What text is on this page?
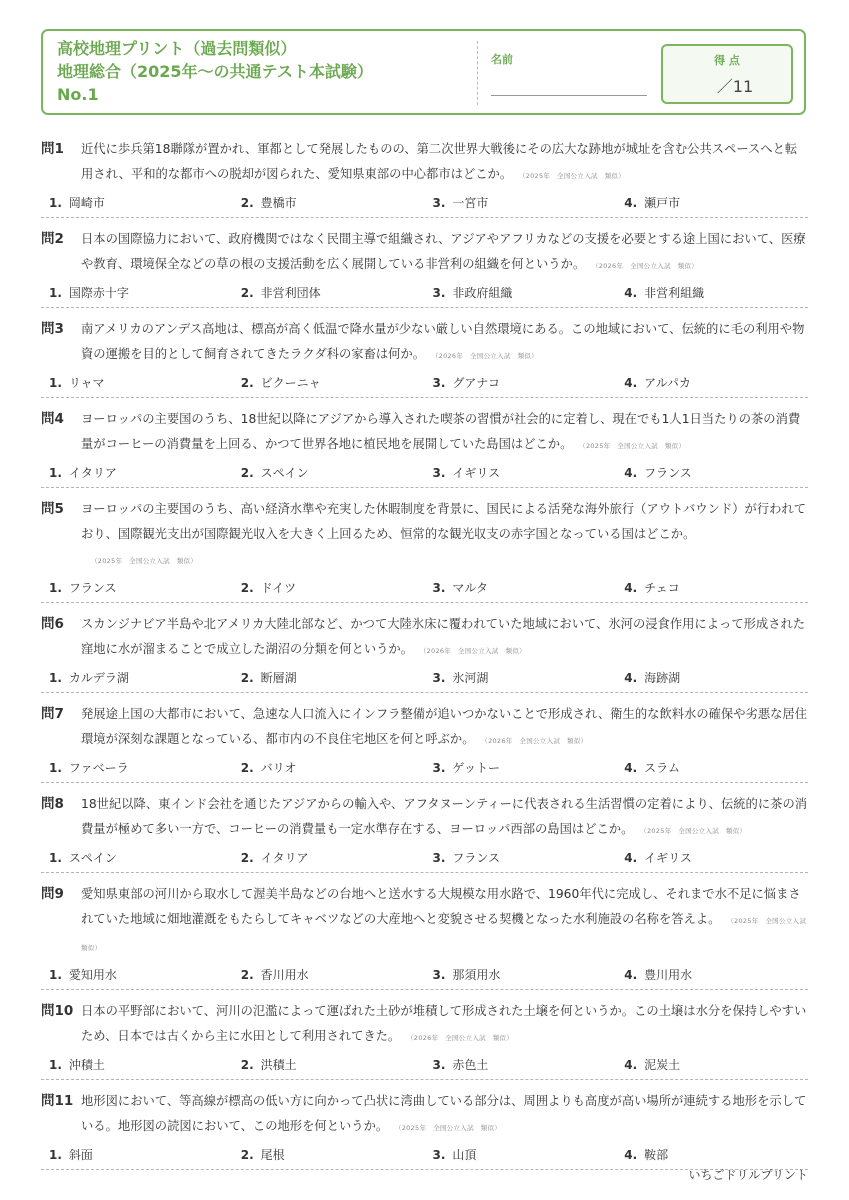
高校地理プリント（過去問類似）
地理総合（2025年〜の共通テスト本試験）
No.1
名前	得 点
／11
問1	近代に歩兵第18聯隊が置かれ、軍都として発展したものの、第二次世界大戦後にその広大な跡地が城址を含む公共スペースへと転用され、平和的な都市への脱却が図られた、愛知県東部の中心都市はどこか。 （2025年　全国公立入試　類似）
1. 岡崎市	2. 豊橋市	3. 一宮市	4. 瀬戸市
問2	日本の国際協力において、政府機関ではなく民間主導で組織され、アジアやアフリカなどの支援を必要とする途上国において、医療や教育、環境保全などの草の根の支援活動を広く展開している非営利の組織を何というか。 （2026年　全国公立入試　類似）
1. 国際赤十字	2. 非営利団体	3. 非政府組織	4. 非営利組織
問3	南アメリカのアンデス高地は、標高が高く低温で降水量が少ない厳しい自然環境にある。この地域において、伝統的に毛の利用や物資の運搬を目的として飼育されてきたラクダ科の家畜は何か。 （2026年　全国公立入試　類似）
1. リャマ	2. ビクーニャ	3. グアナコ	4. アルパカ
問4	ヨーロッパの主要国のうち、18世紀以降にアジアから導入された喫茶の習慣が社会的に定着し、現在でも1人1日当たりの茶の消費量がコーヒーの消費量を上回る、かつて世界各地に植民地を展開していた島国はどこか。 （2025年　全国公立入試　類似）
1. イタリア	2. スペイン	3. イギリス	4. フランス
問5	ヨーロッパの主要国のうち、高い経済水準や充実した休暇制度を背景に、国民による活発な海外旅行（アウトバウンド）が行われており、国際観光支出が国際観光収入を大きく上回るため、恒常的な観光収支の赤字国となっている国はどこか。（2025年　全国公立入試　類似）
1. フランス	2. ドイツ	3. マルタ	4. チェコ
問6	スカンジナビア半島や北アメリカ大陸北部など、かつて大陸氷床に覆われていた地域において、氷河の浸食作用によって形成された窪地に水が溜まることで成立した湖沼の分類を何というか。 （2026年　全国公立入試　類似）
1. カルデラ湖	2. 断層湖	3. 氷河湖	4. 海跡湖
問7	発展途上国の大都市において、急速な人口流入にインフラ整備が追いつかないことで形成され、衛生的な飲料水の確保や劣悪な居住環境が深刻な課題となっている、都市内の不良住宅地区を何と呼ぶか。 （2026年　全国公立入試　類似）
1. ファベーラ	2. バリオ	3. ゲットー	4. スラム
問8	18世紀以降、東インド会社を通じたアジアからの輸入や、アフタヌーンティーに代表される生活習慣の定着により、伝統的に茶の消費量が極めて多い一方で、コーヒーの消費量も一定水準存在する、ヨーロッパ西部の島国はどこか。 （2025年　全国公立入試　類似）
1. スペイン	2. イタリア	3. フランス	4. イギリス
問9	愛知県東部の河川から取水して渥美半島などの台地へと送水する大規模な用水路で、1960年代に完成し、それまで水不足に悩まされていた地域に畑地灌漑をもたらしてキャベツなどの大産地へと変貌させる契機となった水利施設の名称を答えよ。 （2025年　全国公立入試　類似）
1. 愛知用水	2. 香川用水	3. 那須用水	4. 豊川用水
問10 日本の平野部において、河川の氾濫によって運ばれた土砂が堆積して形成された土壌を何というか。この土壌は水分を保持しやすいため、日本では古くから主に水田として利用されてきた。 （2026年　全国公立入試　類似）
1. 沖積土	2. 洪積土	3. 赤色土	4. 泥炭土
問11 地形図において、等高線が標高の低い方に向かって凸状に湾曲している部分は、周囲よりも高度が高い場所が連続する地形を示している。地形図の読図において、この地形を何というか。 （2025年　全国公立入試　類似）
1. 斜面	2. 尾根	3. 山頂	4. 鞍部
いちごドリルプリント
